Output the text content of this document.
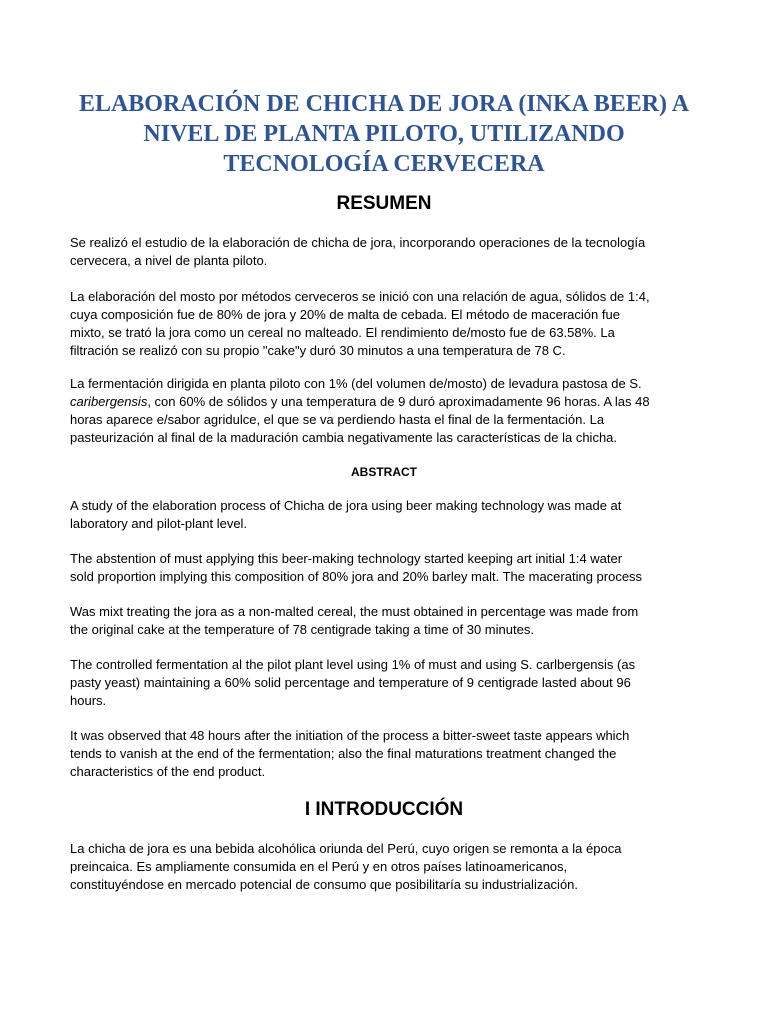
ELABORACIÓN DE CHICHA DE JORA (INKA BEER) A
NIVEL DE PLANTA PILOTO, UTILIZANDO
TECNOLOGÍA CERVECERA
RESUMEN

Se realizó el estudio de la elaboración de chicha de jora, incorporando operaciones de la tecnología
cervecera, a nivel de planta piloto.

La elaboración del mosto por métodos cerveceros se inició con una relación de agua, sólidos de 1:4,
cuya composición fue de 80% de jora y 20% de malta de cebada. El método de maceración fue
mixto, se trató la jora como un cereal no malteado. El rendimiento de/mosto fue de 63.58%. La
filtración se realizó con su propio "cake"y duró 30 minutos a una temperatura de 78 C.

La fermentación dirigida en planta piloto con 1% (del volumen de/mosto) de levadura pastosa de S.
caribergensis, con 60% de sólidos y una temperatura de 9 duró aproximadamente 96 horas. A las 48
horas aparece e/sabor agridulce, el que se va perdiendo hasta el final de la fermentación. La
pasteurización al final de la maduración cambia negativamente las características de la chicha.

ABSTRACT

A study of the elaboration process of Chicha de jora using beer making technology was made at
laboratory and pilot-plant level.

The abstention of must applying this beer-making technology started keeping art initial 1:4 water
sold proportion implying this composition of 80% jora and 20% barley malt. The macerating process

Was mixt treating the jora as a non-malted cereal, the must obtained in percentage was made from
the original cake at the temperature of 78 centigrade taking a time of 30 minutes.

The controlled fermentation al the pilot plant level using 1% of must and using S. carlbergensis (as
pasty yeast) maintaining a 60% solid percentage and temperature of 9 centigrade lasted about 96
hours.

It was observed that 48 hours after the initiation of the process a bitter-sweet taste appears which
tends to vanish at the end of the fermentation; also the final maturations treatment changed the
characteristics of the end product.

I INTRODUCCIÓN

La chicha de jora es una bebida alcohólica oriunda del Perú, cuyo origen se remonta a la época
preincaica. Es ampliamente consumida en el Perú y en otros países latinoamericanos,
constituyéndose en mercado potencial de consumo que posibilitaría su industrialización.
